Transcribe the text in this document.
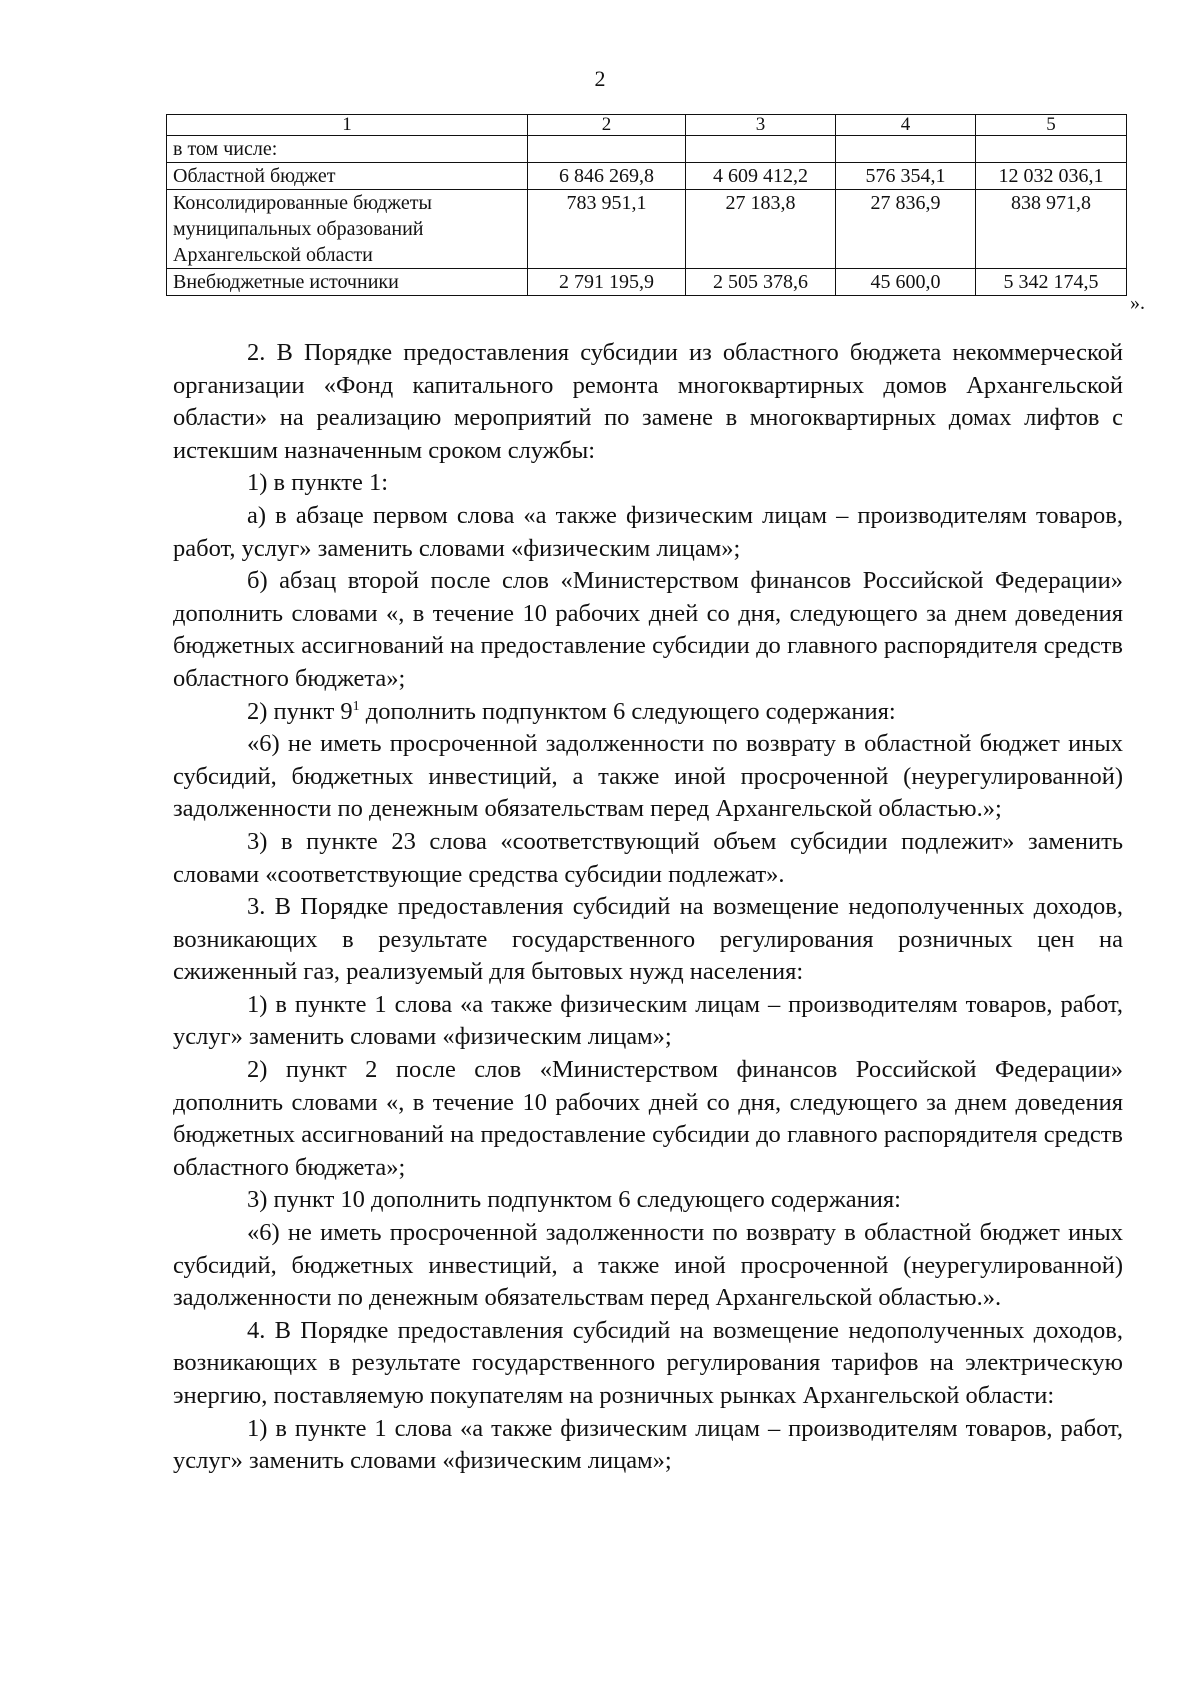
2
1	2	3	4	5
в том числе:				
Областной бюджет	6 846 269,8	4 609 412,2	576 354,1	12 032 036,1
Консолидированные бюджеты муниципальных образований Архангельской области	783 951,1	27 183,8	27 836,9	838 971,8
Внебюджетные источники	2 791 195,9	2 505 378,6	45 600,0	5 342 174,5
».

2. В Порядке предоставления субсидии из областного бюджета некоммерческой организации «Фонд капитального ремонта многоквартирных домов Архангельской области» на реализацию мероприятий по замене в многоквартирных домах лифтов с истекшим назначенным сроком службы:

1) в пункте 1:

а) в абзаце первом слова «а также физическим лицам – производителям товаров, работ, услуг» заменить словами «физическим лицам»;

б) абзац второй после слов «Министерством финансов Российской Федерации» дополнить словами «, в течение 10 рабочих дней со дня, следующего за днем доведения бюджетных ассигнований на предоставление субсидии до главного распорядителя средств областного бюджета»;

2) пункт $9^1$ дополнить подпунктом 6 следующего содержания:

«6) не иметь просроченной задолженности по возврату в областной бюджет иных субсидий, бюджетных инвестиций, а также иной просроченной (неурегулированной) задолженности по денежным обязательствам перед Архангельской областью.»;

3) в пункте 23 слова «соответствующий объем субсидии подлежит» заменить словами «соответствующие средства субсидии подлежат».

3. В Порядке предоставления субсидий на возмещение недополученных доходов, возникающих в результате государственного регулирования розничных цен на сжиженный газ, реализуемый для бытовых нужд населения:

1) в пункте 1 слова «а также физическим лицам – производителям товаров, работ, услуг» заменить словами «физическим лицам»;

2) пункт 2 после слов «Министерством финансов Российской Федерации» дополнить словами «, в течение 10 рабочих дней со дня, следующего за днем доведения бюджетных ассигнований на предоставление субсидии до главного распорядителя средств областного бюджета»;

3) пункт 10 дополнить подпунктом 6 следующего содержания:

«6) не иметь просроченной задолженности по возврату в областной бюджет иных субсидий, бюджетных инвестиций, а также иной просроченной (неурегулированной) задолженности по денежным обязательствам перед Архангельской областью.».

4. В Порядке предоставления субсидий на возмещение недополученных доходов, возникающих в результате государственного регулирования тарифов на электрическую энергию, поставляемую покупателям на розничных рынках Архангельской области:

1) в пункте 1 слова «а также физическим лицам – производителям товаров, работ, услуг» заменить словами «физическим лицам»;
